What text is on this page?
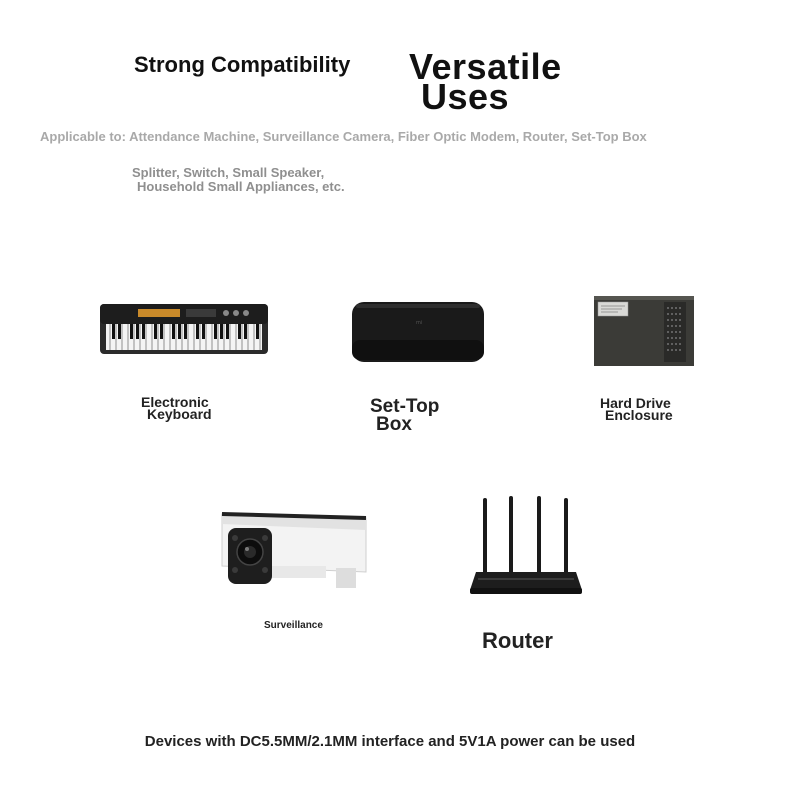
Strong Compatibility Versatile
Uses
Applicable to: Attendance Machine, Surveillance Camera, Fiber Optic Modem, Router, Set-Top Box
Splitter, Switch, Small Speaker,
Household Small Appliances, etc.
Electronic
Keyboard
mi
Set-Top
Box
Hard Drive
Enclosure
Surveillance
Router
Devices with DC5.5MM/2.1MM interface and 5V1A power can be used
